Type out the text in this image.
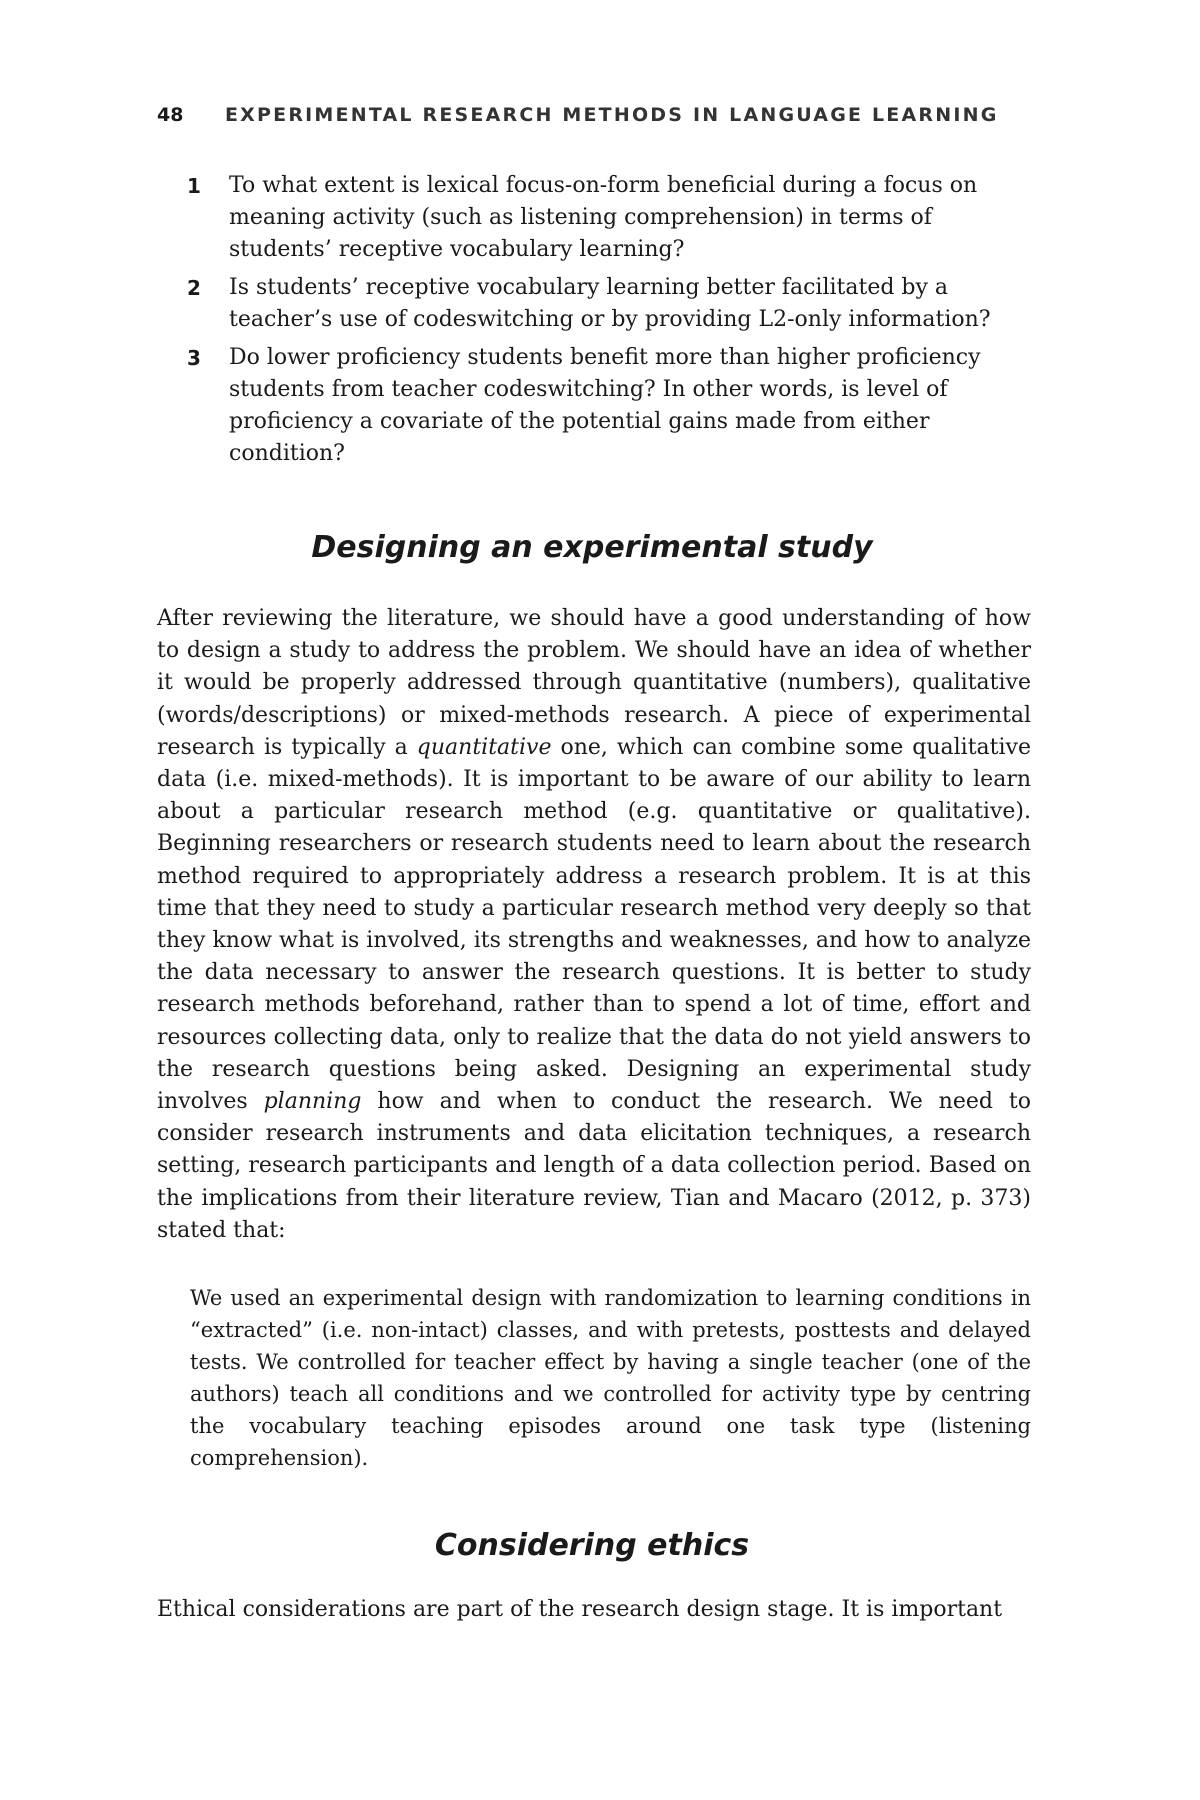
48 EXPERIMENTAL RESEARCH METHODS IN LANGUAGE LEARNING
1	To what extent is lexical focus-on-form beneficial during a focus on meaning activity (such as listening comprehension) in terms of students’ receptive vocabulary learning?
2	Is students’ receptive vocabulary learning better facilitated by a teacher’s use of codeswitching or by providing L2-only information?
3	Do lower proficiency students benefit more than higher proficiency students from teacher codeswitching? In other words, is level of proficiency a covariate of the potential gains made from either condition?
Designing an experimental study

After reviewing the literature, we should have a good understanding of how to design a study to address the problem. We should have an idea of whether it would be properly addressed through quantitative (numbers), qualitative (words/descriptions) or mixed-methods research. A piece of experimental research is typically a quantitative one, which can combine some qualitative data (i.e. mixed-methods). It is important to be aware of our ability to learn about a particular research method (e.g. quantitative or qualitative). Beginning researchers or research students need to learn about the research method required to appropriately address a research problem. It is at this time that they need to study a particular research method very deeply so that they know what is involved, its strengths and weaknesses, and how to analyze the data necessary to answer the research questions. It is better to study research methods beforehand, rather than to spend a lot of time, effort and resources collecting data, only to realize that the data do not yield answers to the research questions being asked. Designing an experimental study involves planning how and when to conduct the research. We need to consider research instruments and data elicitation techniques, a research setting, research participants and length of a data collection period. Based on the implications from their literature review, Tian and Macaro (2012, p. 373) stated that:

We used an experimental design with randomization to learning conditions in “extracted” (i.e. non-intact) classes, and with pretests, posttests and delayed tests. We controlled for teacher effect by having a single teacher (one of the authors) teach all conditions and we controlled for activity type by centring the vocabulary teaching episodes around one task type (listening comprehension).
Considering ethics

Ethical considerations are part of the research design stage. It is important
